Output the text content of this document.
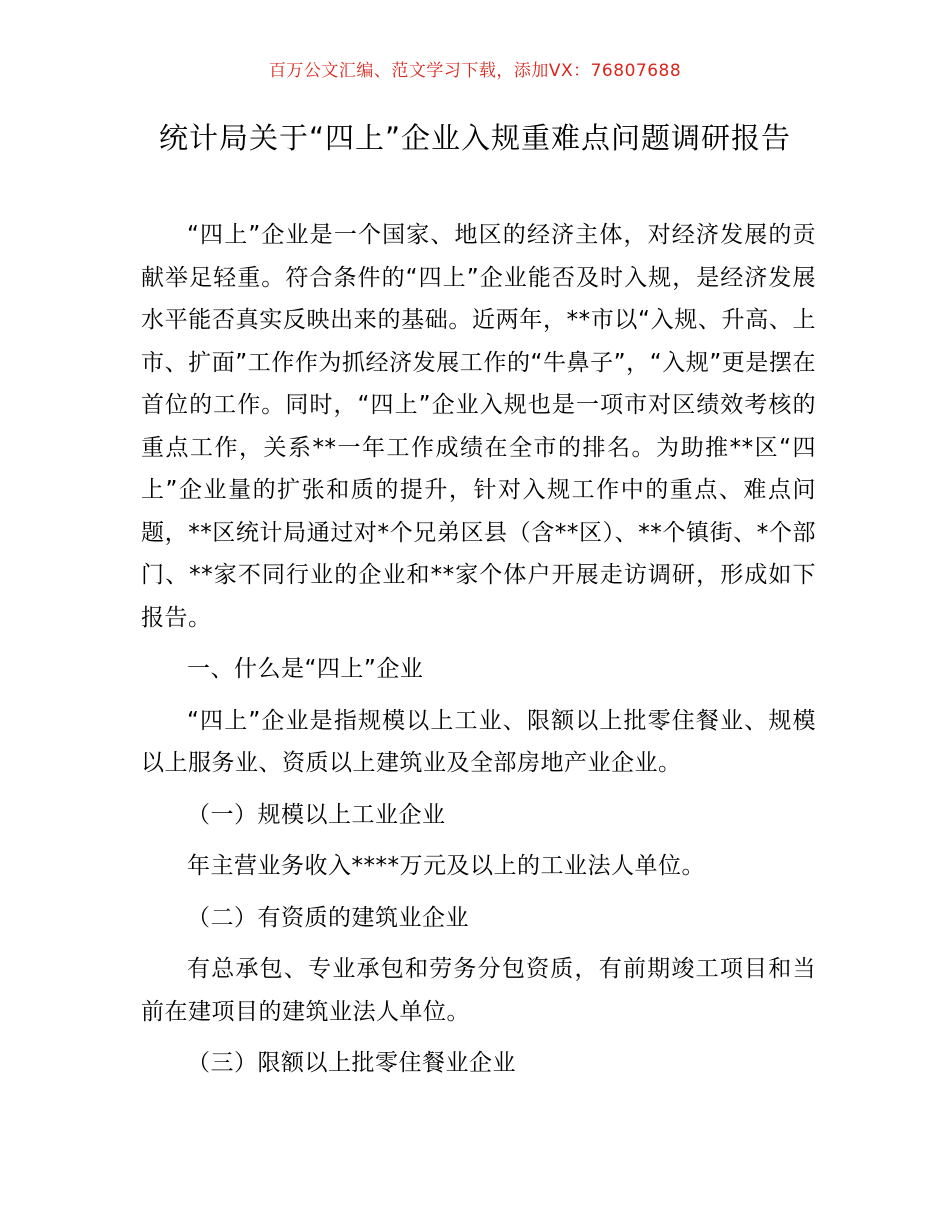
百万公文汇编、范文学习下载，添加VX：76807688
统计局关于“四上”企业入规重难点问题调研报告

“四上”企业是一个国家、地区的经济主体，对经济发展的贡献举足轻重。符合条件的“四上”企业能否及时入规，是经济发展水平能否真实反映出来的基础。近两年，**市以“入规、升高、上市、扩面”工作作为抓经济发展工作的“牛鼻子”，“入规”更是摆在首位的工作。同时，“四上”企业入规也是一项市对区绩效考核的重点工作，关系**一年工作成绩在全市的排名。为助推**区“四上”企业量的扩张和质的提升，针对入规工作中的重点、难点问题，**区统计局通过对*个兄弟区县（含**区）、**个镇街、*个部门、**家不同行业的企业和**家个体户开展走访调研，形成如下报告。

一、什么是“四上”企业

“四上”企业是指规模以上工业、限额以上批零住餐业、规模以上服务业、资质以上建筑业及全部房地产业企业。

（一）规模以上工业企业

年主营业务收入****万元及以上的工业法人单位。

（二）有资质的建筑业企业

有总承包、专业承包和劳务分包资质，有前期竣工项目和当前在建项目的建筑业法人单位。

（三）限额以上批零住餐业企业
